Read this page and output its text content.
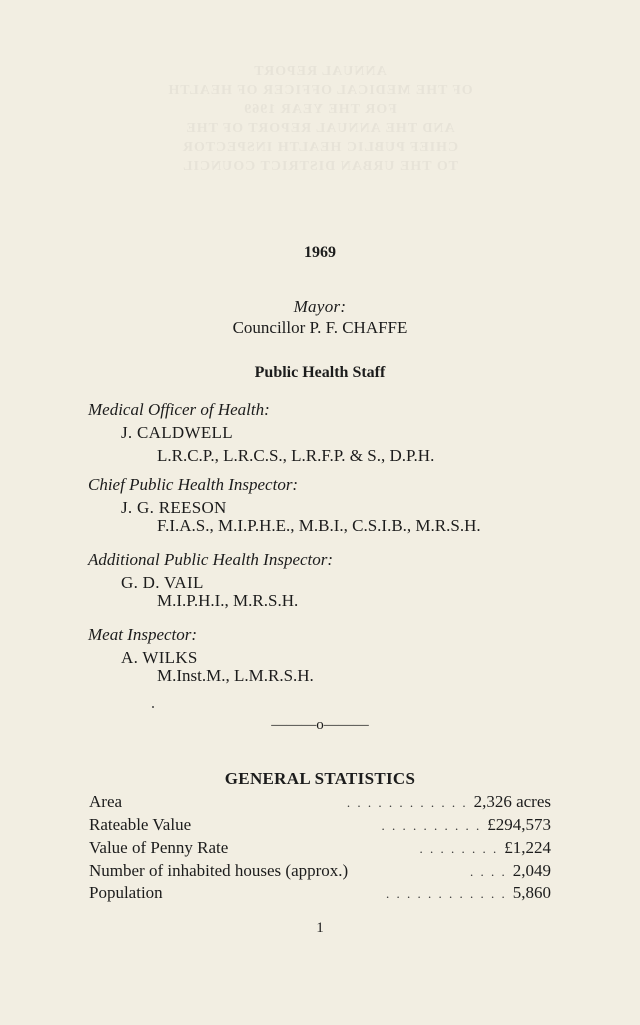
ANNUAL REPORT
OF THE MEDICAL OFFICER OF HEALTH
FOR THE YEAR 1969
AND THE ANNUAL REPORT OF THE
CHIEF PUBLIC HEALTH INSPECTOR
TO THE URBAN DISTRICT COUNCIL
1969
Mayor:
Councillor P. F. CHAFFE
Public Health Staff
Medical Officer of Health:
J. CALDWELL
L.R.C.P., L.R.C.S., L.R.F.P. & S., D.P.H.
Chief Public Health Inspector:
J. G. REESON
F.I.A.S., M.I.P.H.E., M.B.I., C.S.I.B., M.R.S.H.
Additional Public Health Inspector:
G. D. VAIL
M.I.P.H.I., M.R.S.H.
Meat Inspector:
A. WILKS
M.Inst.M., L.M.R.S.H.
———o———
GENERAL STATISTICS
Area	. . . . . . . . . . . . 2,326 acres
Rateable Value	. . . . . . . . . . £294,573
Value of Penny Rate	. . . . . . . . £1,224
Number of inhabited houses (approx.)	. . . . 2,049
Population	. . . . . . . . . . . . 5,860
1
